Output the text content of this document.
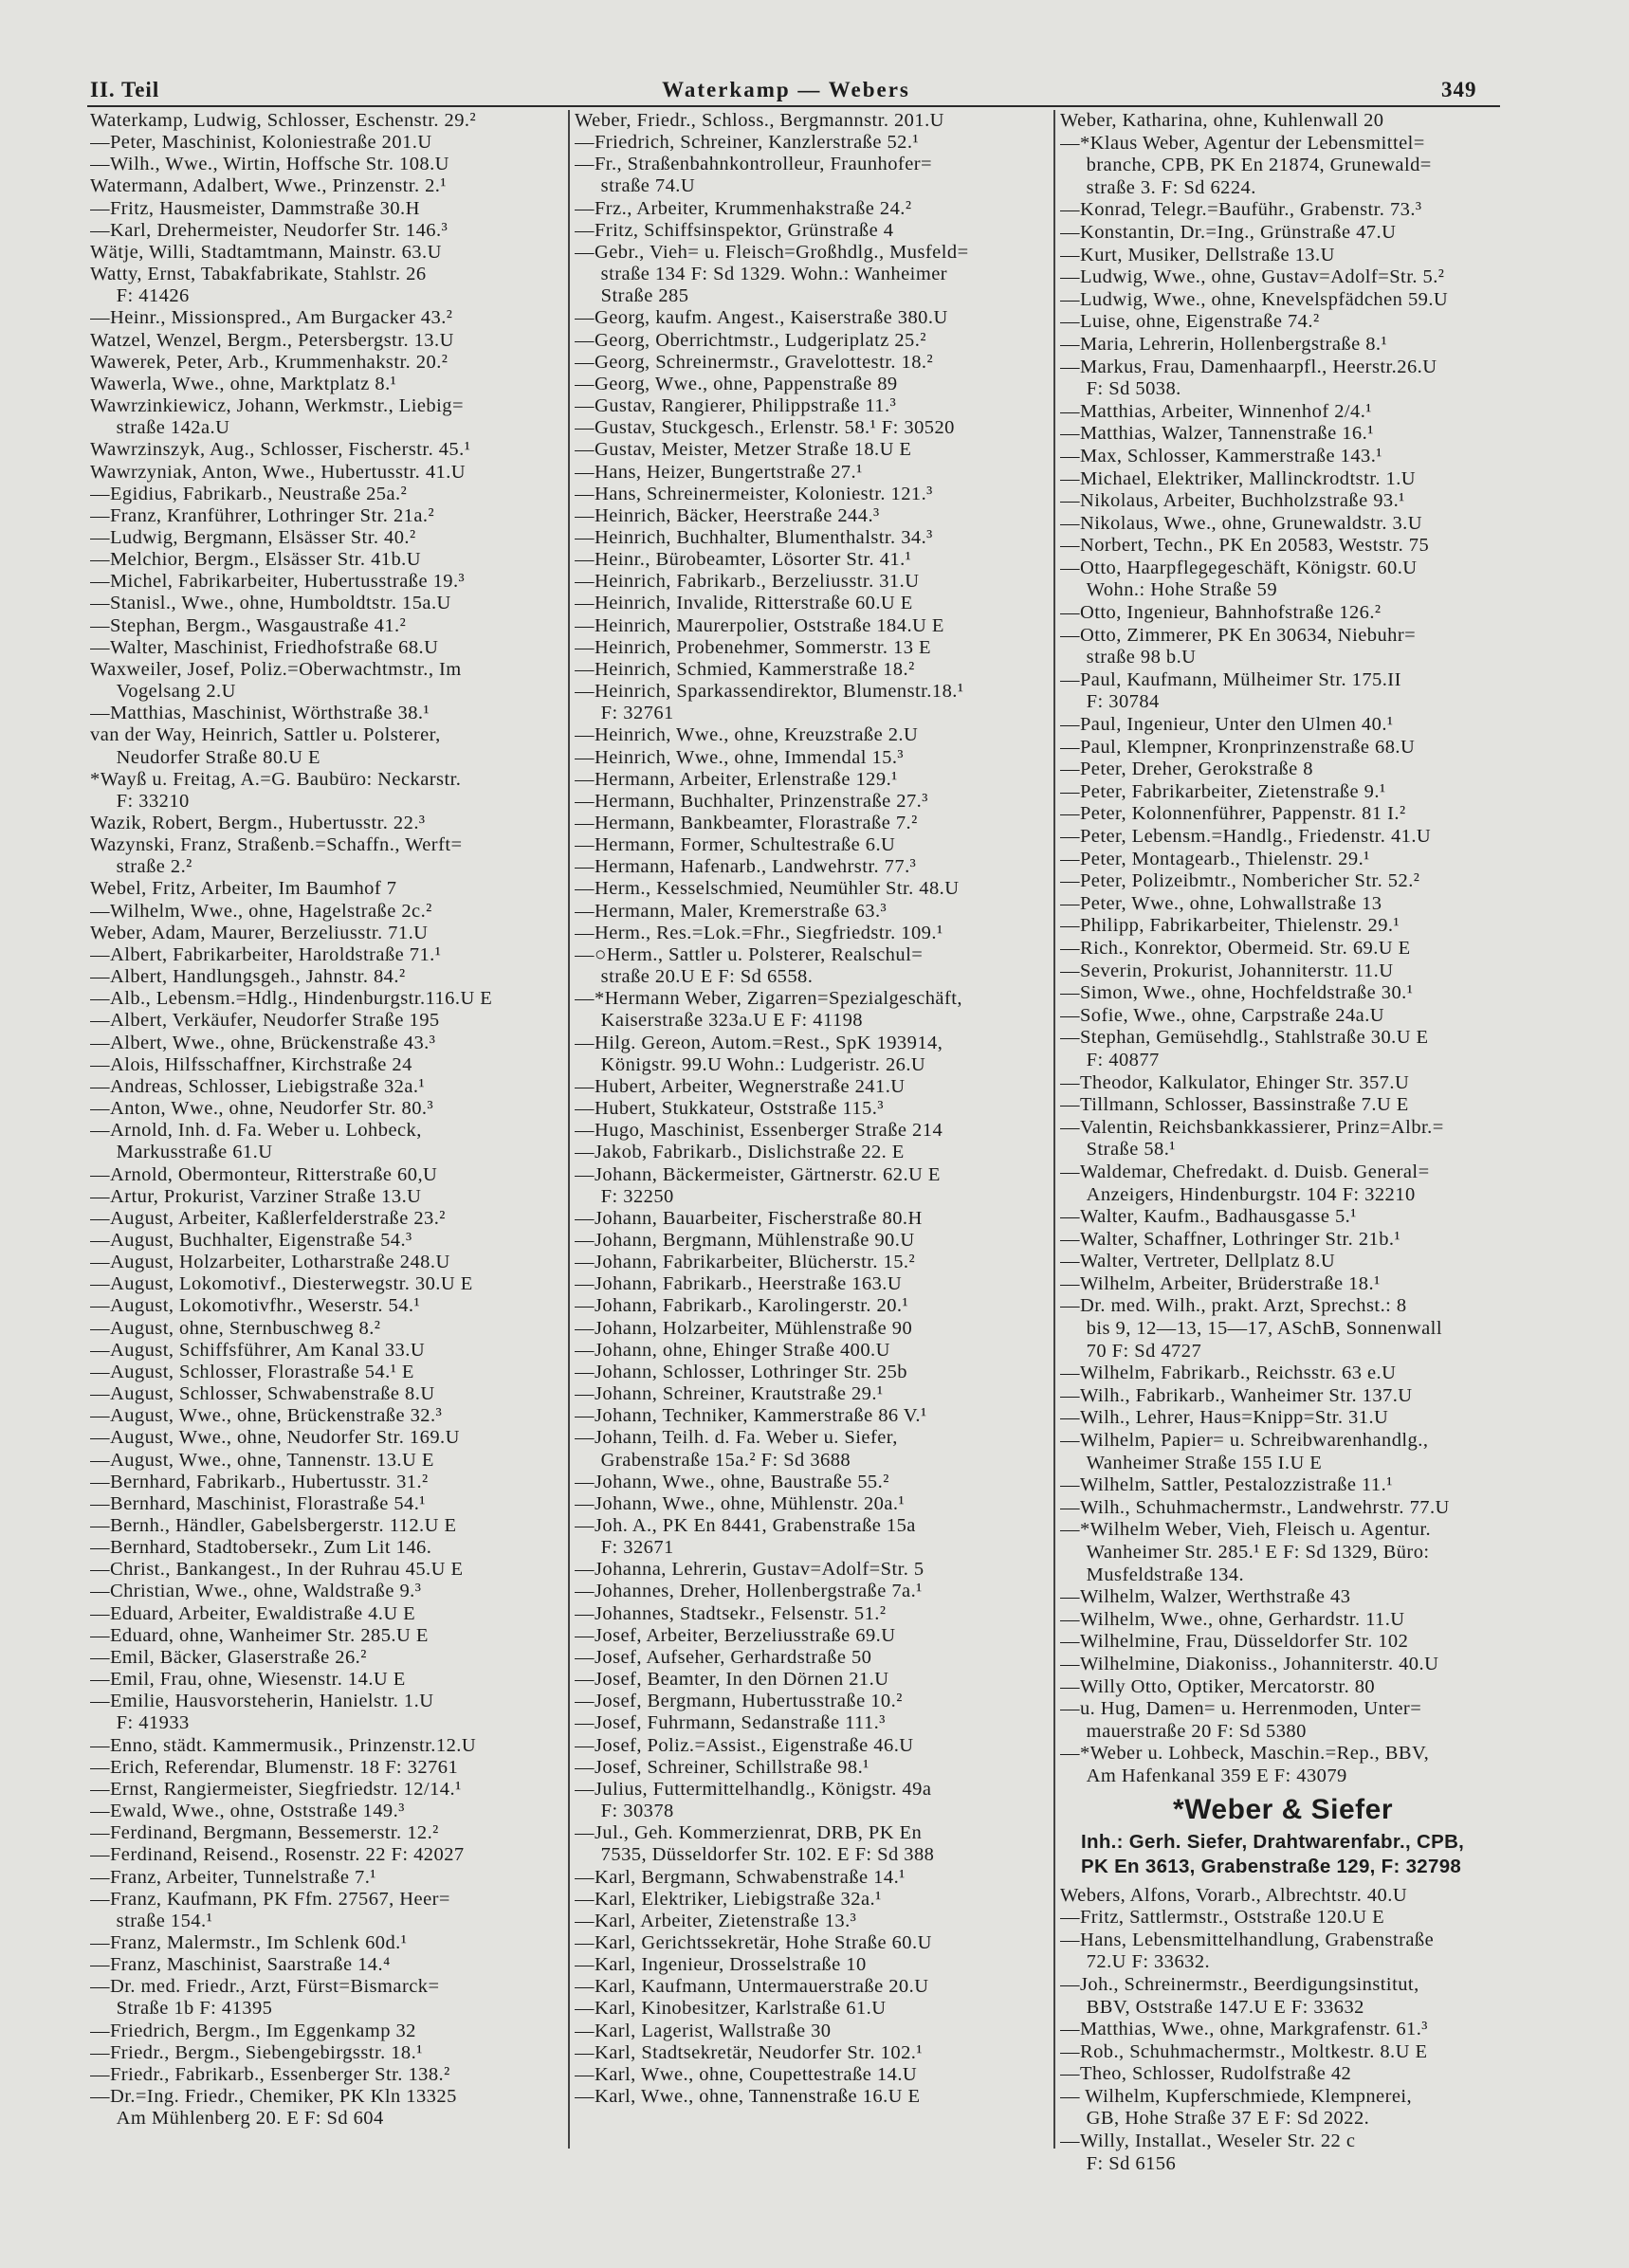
II. Teil	Waterkamp — Webers	349
Waterkamp, Ludwig, Schlosser, Eschenstr. 29.²
—Peter, Maschinist, Koloniestraße 201.U
—Wilh., Wwe., Wirtin, Hoffsche Str. 108.U
Watermann, Adalbert, Wwe., Prinzenstr. 2.¹
—Fritz, Hausmeister, Dammstraße 30.H
—Karl, Drehermeister, Neudorfer Str. 146.³
Wätje, Willi, Stadtamtmann, Mainstr. 63.U
Watty, Ernst, Tabakfabrikate, Stahlstr. 26
F: 41426
—Heinr., Missionspred., Am Burgacker 43.²
Watzel, Wenzel, Bergm., Petersbergstr. 13.U
Wawerek, Peter, Arb., Krummenhakstr. 20.²
Wawerla, Wwe., ohne, Marktplatz 8.¹
Wawrzinkiewicz, Johann, Werkmstr., Liebig=
straße 142a.U
Wawrzinszyk, Aug., Schlosser, Fischerstr. 45.¹
Wawrzyniak, Anton, Wwe., Hubertusstr. 41.U
—Egidius, Fabrikarb., Neustraße 25a.²
—Franz, Kranführer, Lothringer Str. 21a.²
—Ludwig, Bergmann, Elsässer Str. 40.²
—Melchior, Bergm., Elsässer Str. 41b.U
—Michel, Fabrikarbeiter, Hubertusstraße 19.³
—Stanisl., Wwe., ohne, Humboldtstr. 15a.U
—Stephan, Bergm., Wasgaustraße 41.²
—Walter, Maschinist, Friedhofstraße 68.U
Waxweiler, Josef, Poliz.=Oberwachtmstr., Im
Vogelsang 2.U
—Matthias, Maschinist, Wörthstraße 38.¹
van der Way, Heinrich, Sattler u. Polsterer,
Neudorfer Straße 80.U E
*Wayß u. Freitag, A.=G. Baubüro: Neckarstr.
F: 33210
Wazik, Robert, Bergm., Hubertusstr. 22.³
Wazynski, Franz, Straßenb.=Schaffn., Werft=
straße 2.²
Webel, Fritz, Arbeiter, Im Baumhof 7
—Wilhelm, Wwe., ohne, Hagelstraße 2c.²
Weber, Adam, Maurer, Berzeliusstr. 71.U
—Albert, Fabrikarbeiter, Haroldstraße 71.¹
—Albert, Handlungsgeh., Jahnstr. 84.²
—Alb., Lebensm.=Hdlg., Hindenburgstr.116.U E
—Albert, Verkäufer, Neudorfer Straße 195
—Albert, Wwe., ohne, Brückenstraße 43.³
—Alois, Hilfsschaffner, Kirchstraße 24
—Andreas, Schlosser, Liebigstraße 32a.¹
—Anton, Wwe., ohne, Neudorfer Str. 80.³
—Arnold, Inh. d. Fa. Weber u. Lohbeck,
Markusstraße 61.U
—Arnold, Obermonteur, Ritterstraße 60,U
—Artur, Prokurist, Varziner Straße 13.U
—August, Arbeiter, Kaßlerfelderstraße 23.²
—August, Buchhalter, Eigenstraße 54.³
—August, Holzarbeiter, Lotharstraße 248.U
—August, Lokomotivf., Diesterwegstr. 30.U E
—August, Lokomotivfhr., Weserstr. 54.¹
—August, ohne, Sternbuschweg 8.²
—August, Schiffsführer, Am Kanal 33.U
—August, Schlosser, Florastraße 54.¹ E
—August, Schlosser, Schwabenstraße 8.U
—August, Wwe., ohne, Brückenstraße 32.³
—August, Wwe., ohne, Neudorfer Str. 169.U
—August, Wwe., ohne, Tannenstr. 13.U E
—Bernhard, Fabrikarb., Hubertusstr. 31.²
—Bernhard, Maschinist, Florastraße 54.¹
—Bernh., Händler, Gabelsbergerstr. 112.U E
—Bernhard, Stadtobersekr., Zum Lit 146.
—Christ., Bankangest., In der Ruhrau 45.U E
—Christian, Wwe., ohne, Waldstraße 9.³
—Eduard, Arbeiter, Ewaldistraße 4.U E
—Eduard, ohne, Wanheimer Str. 285.U E
—Emil, Bäcker, Glaserstraße 26.²
—Emil, Frau, ohne, Wiesenstr. 14.U E
—Emilie, Hausvorsteherin, Hanielstr. 1.U
F: 41933
—Enno, städt. Kammermusik., Prinzenstr.12.U
—Erich, Referendar, Blumenstr. 18 F: 32761
—Ernst, Rangiermeister, Siegfriedstr. 12/14.¹
—Ewald, Wwe., ohne, Oststraße 149.³
—Ferdinand, Bergmann, Bessemerstr. 12.²
—Ferdinand, Reisend., Rosenstr. 22 F: 42027
—Franz, Arbeiter, Tunnelstraße 7.¹
—Franz, Kaufmann, PK Ffm. 27567, Heer=
straße 154.¹
—Franz, Malermstr., Im Schlenk 60d.¹
—Franz, Maschinist, Saarstraße 14.⁴
—Dr. med. Friedr., Arzt, Fürst=Bismarck=
Straße 1b F: 41395
—Friedrich, Bergm., Im Eggenkamp 32
—Friedr., Bergm., Siebengebirgsstr. 18.¹
—Friedr., Fabrikarb., Essenberger Str. 138.²
—Dr.=Ing. Friedr., Chemiker, PK Kln 13325
Am Mühlenberg 20. E F: Sd 604
Weber, Friedr., Schloss., Bergmannstr. 201.U
—Friedrich, Schreiner, Kanzlerstraße 52.¹
—Fr., Straßenbahnkontrolleur, Fraunhofer=
straße 74.U
—Frz., Arbeiter, Krummenhakstraße 24.²
—Fritz, Schiffsinspektor, Grünstraße 4
—Gebr., Vieh= u. Fleisch=Großhdlg., Musfeld=
straße 134 F: Sd 1329. Wohn.: Wanheimer
Straße 285
—Georg, kaufm. Angest., Kaiserstraße 380.U
—Georg, Oberrichtmstr., Ludgeriplatz 25.²
—Georg, Schreinermstr., Gravelottestr. 18.²
—Georg, Wwe., ohne, Pappenstraße 89
—Gustav, Rangierer, Philippstraße 11.³
—Gustav, Stuckgesch., Erlenstr. 58.¹ F: 30520
—Gustav, Meister, Metzer Straße 18.U E
—Hans, Heizer, Bungertstraße 27.¹
—Hans, Schreinermeister, Koloniestr. 121.³
—Heinrich, Bäcker, Heerstraße 244.³
—Heinrich, Buchhalter, Blumenthalstr. 34.³
—Heinr., Bürobeamter, Lösorter Str. 41.¹
—Heinrich, Fabrikarb., Berzeliusstr. 31.U
—Heinrich, Invalide, Ritterstraße 60.U E
—Heinrich, Maurerpolier, Oststraße 184.U E
—Heinrich, Probenehmer, Sommerstr. 13 E
—Heinrich, Schmied, Kammerstraße 18.²
—Heinrich, Sparkassendirektor, Blumenstr.18.¹
F: 32761
—Heinrich, Wwe., ohne, Kreuzstraße 2.U
—Heinrich, Wwe., ohne, Immendal 15.³
—Hermann, Arbeiter, Erlenstraße 129.¹
—Hermann, Buchhalter, Prinzenstraße 27.³
—Hermann, Bankbeamter, Florastraße 7.²
—Hermann, Former, Schultestraße 6.U
—Hermann, Hafenarb., Landwehrstr. 77.³
—Herm., Kesselschmied, Neumühler Str. 48.U
—Hermann, Maler, Kremerstraße 63.³
—Herm., Res.=Lok.=Fhr., Siegfriedstr. 109.¹
—○Herm., Sattler u. Polsterer, Realschul=
straße 20.U E F: Sd 6558.
—*Hermann Weber, Zigarren=Spezialgeschäft,
Kaiserstraße 323a.U E F: 41198
—Hilg. Gereon, Autom.=Rest., SpK 193914,
Königstr. 99.U Wohn.: Ludgeristr. 26.U
—Hubert, Arbeiter, Wegnerstraße 241.U
—Hubert, Stukkateur, Oststraße 115.³
—Hugo, Maschinist, Essenberger Straße 214
—Jakob, Fabrikarb., Dislichstraße 22. E
—Johann, Bäckermeister, Gärtnerstr. 62.U E
F: 32250
—Johann, Bauarbeiter, Fischerstraße 80.H
—Johann, Bergmann, Mühlenstraße 90.U
—Johann, Fabrikarbeiter, Blücherstr. 15.²
—Johann, Fabrikarb., Heerstraße 163.U
—Johann, Fabrikarb., Karolingerstr. 20.¹
—Johann, Holzarbeiter, Mühlenstraße 90
—Johann, ohne, Ehinger Straße 400.U
—Johann, Schlosser, Lothringer Str. 25b
—Johann, Schreiner, Krautstraße 29.¹
—Johann, Techniker, Kammerstraße 86 V.¹
—Johann, Teilh. d. Fa. Weber u. Siefer,
Grabenstraße 15a.² F: Sd 3688
—Johann, Wwe., ohne, Baustraße 55.²
—Johann, Wwe., ohne, Mühlenstr. 20a.¹
—Joh. A., PK En 8441, Grabenstraße 15a
F: 32671
—Johanna, Lehrerin, Gustav=Adolf=Str. 5
—Johannes, Dreher, Hollenbergstraße 7a.¹
—Johannes, Stadtsekr., Felsenstr. 51.²
—Josef, Arbeiter, Berzeliusstraße 69.U
—Josef, Aufseher, Gerhardstraße 50
—Josef, Beamter, In den Dörnen 21.U
—Josef, Bergmann, Hubertusstraße 10.²
—Josef, Fuhrmann, Sedanstraße 111.³
—Josef, Poliz.=Assist., Eigenstraße 46.U
—Josef, Schreiner, Schillstraße 98.¹
—Julius, Futtermittelhandlg., Königstr. 49a
F: 30378
—Jul., Geh. Kommerzienrat, DRB, PK En
7535, Düsseldorfer Str. 102. E F: Sd 388
—Karl, Bergmann, Schwabenstraße 14.¹
—Karl, Elektriker, Liebigstraße 32a.¹
—Karl, Arbeiter, Zietenstraße 13.³
—Karl, Gerichtssekretär, Hohe Straße 60.U
—Karl, Ingenieur, Drosselstraße 10
—Karl, Kaufmann, Untermauerstraße 20.U
—Karl, Kinobesitzer, Karlstraße 61.U
—Karl, Lagerist, Wallstraße 30
—Karl, Stadtsekretär, Neudorfer Str. 102.¹
—Karl, Wwe., ohne, Coupettestraße 14.U
—Karl, Wwe., ohne, Tannenstraße 16.U E
Weber, Katharina, ohne, Kuhlenwall 20
—*Klaus Weber, Agentur der Lebensmittel=
branche, CPB, PK En 21874, Grunewald=
straße 3. F: Sd 6224.
—Konrad, Telegr.=Bauführ., Grabenstr. 73.³
—Konstantin, Dr.=Ing., Grünstraße 47.U
—Kurt, Musiker, Dellstraße 13.U
—Ludwig, Wwe., ohne, Gustav=Adolf=Str. 5.²
—Ludwig, Wwe., ohne, Knevelspfädchen 59.U
—Luise, ohne, Eigenstraße 74.²
—Maria, Lehrerin, Hollenbergstraße 8.¹
—Markus, Frau, Damenhaarpfl., Heerstr.26.U
F: Sd 5038.
—Matthias, Arbeiter, Winnenhof 2/4.¹
—Matthias, Walzer, Tannenstraße 16.¹
—Max, Schlosser, Kammerstraße 143.¹
—Michael, Elektriker, Mallinckrodtstr. 1.U
—Nikolaus, Arbeiter, Buchholzstraße 93.¹
—Nikolaus, Wwe., ohne, Grunewaldstr. 3.U
—Norbert, Techn., PK En 20583, Weststr. 75
—Otto, Haarpflegegeschäft, Königstr. 60.U
Wohn.: Hohe Straße 59
—Otto, Ingenieur, Bahnhofstraße 126.²
—Otto, Zimmerer, PK En 30634, Niebuhr=
straße 98 b.U
—Paul, Kaufmann, Mülheimer Str. 175.II
F: 30784
—Paul, Ingenieur, Unter den Ulmen 40.¹
—Paul, Klempner, Kronprinzenstraße 68.U
—Peter, Dreher, Gerokstraße 8
—Peter, Fabrikarbeiter, Zietenstraße 9.¹
—Peter, Kolonnenführer, Pappenstr. 81 I.²
—Peter, Lebensm.=Handlg., Friedenstr. 41.U
—Peter, Montagearb., Thielenstr. 29.¹
—Peter, Polizeibmtr., Nombericher Str. 52.²
—Peter, Wwe., ohne, Lohwallstraße 13
—Philipp, Fabrikarbeiter, Thielenstr. 29.¹
—Rich., Konrektor, Obermeid. Str. 69.U E
—Severin, Prokurist, Johanniterstr. 11.U
—Simon, Wwe., ohne, Hochfeldstraße 30.¹
—Sofie, Wwe., ohne, Carpstraße 24a.U
—Stephan, Gemüsehdlg., Stahlstraße 30.U E
F: 40877
—Theodor, Kalkulator, Ehinger Str. 357.U
—Tillmann, Schlosser, Bassinstraße 7.U E
—Valentin, Reichsbankkassierer, Prinz=Albr.=
Straße 58.¹
—Waldemar, Chefredakt. d. Duisb. General=
Anzeigers, Hindenburgstr. 104 F: 32210
—Walter, Kaufm., Badhausgasse 5.¹
—Walter, Schaffner, Lothringer Str. 21b.¹
—Walter, Vertreter, Dellplatz 8.U
—Wilhelm, Arbeiter, Brüderstraße 18.¹
—Dr. med. Wilh., prakt. Arzt, Sprechst.: 8
bis 9, 12—13, 15—17, ASchB, Sonnenwall
70 F: Sd 4727
—Wilhelm, Fabrikarb., Reichsstr. 63 e.U
—Wilh., Fabrikarb., Wanheimer Str. 137.U
—Wilh., Lehrer, Haus=Knipp=Str. 31.U
—Wilhelm, Papier= u. Schreibwarenhandlg.,
Wanheimer Straße 155 I.U E
—Wilhelm, Sattler, Pestalozzistraße 11.¹
—Wilh., Schuhmachermstr., Landwehrstr. 77.U
—*Wilhelm Weber, Vieh, Fleisch u. Agentur.
Wanheimer Str. 285.¹ E F: Sd 1329, Büro:
Musfeldstraße 134.
—Wilhelm, Walzer, Werthstraße 43
—Wilhelm, Wwe., ohne, Gerhardstr. 11.U
—Wilhelmine, Frau, Düsseldorfer Str. 102
—Wilhelmine, Diakoniss., Johanniterstr. 40.U
—Willy Otto, Optiker, Mercatorstr. 80
—u. Hug, Damen= u. Herrenmoden, Unter=
mauerstraße 20 F: Sd 5380
—*Weber u. Lohbeck, Maschin.=Rep., BBV,
Am Hafenkanal 359 E F: 43079
*Weber & Siefer
Inh.: Gerh. Siefer, Drahtwarenfabr., CPB,
PK En 3613, Grabenstraße 129, F: 32798
Webers, Alfons, Vorarb., Albrechtstr. 40.U
—Fritz, Sattlermstr., Oststraße 120.U E
—Hans, Lebensmittelhandlung, Grabenstraße
72.U F: 33632.
—Joh., Schreinermstr., Beerdigungsinstitut,
BBV, Oststraße 147.U E F: 33632
—Matthias, Wwe., ohne, Markgrafenstr. 61.³
—Rob., Schuhmachermstr., Moltkestr. 8.U E
—Theo, Schlosser, Rudolfstraße 42
— Wilhelm, Kupferschmiede, Klempnerei,
GB, Hohe Straße 37 E F: Sd 2022.
—Willy, Installat., Weseler Str. 22 c
F: Sd 6156
